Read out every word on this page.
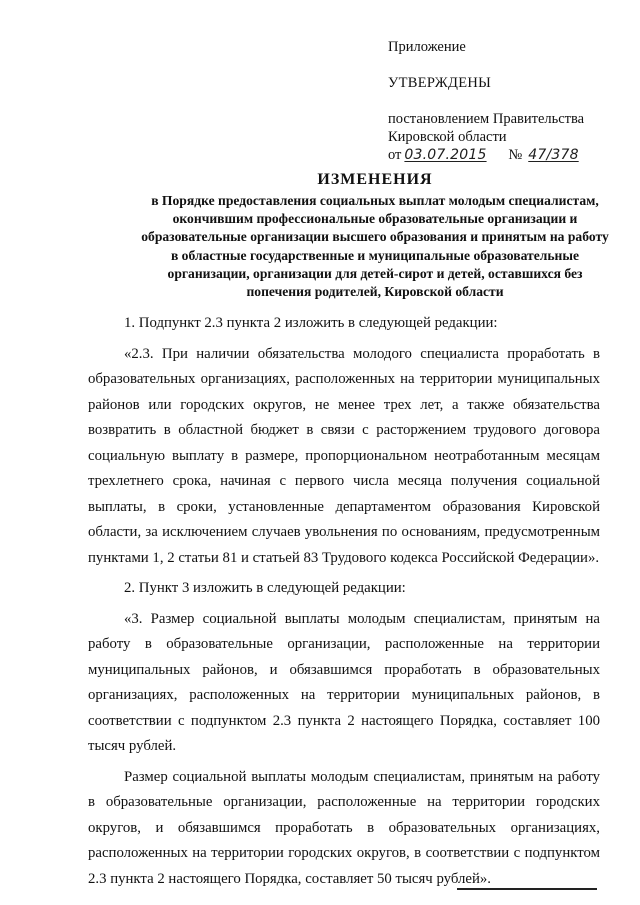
Приложение
УТВЕРЖДЕНЫ
постановлением Правительства
Кировской области
от 03.07.2015	№ 47/378
ИЗМЕНЕНИЯ
в Порядке предоставления социальных выплат молодым специалистам, окончившим профессиональные образовательные организации и образовательные организации высшего образования и принятым на работу в областные государственные и муниципальные образовательные организации, организации для детей-сирот и детей, оставшихся без попечения родителей, Кировской области

1. Подпункт 2.3 пункта 2 изложить в следующей редакции:

«2.3. При наличии обязательства молодого специалиста проработать в образовательных организациях, расположенных на территории муниципальных районов или городских округов, не менее трех лет, а также обязательства возвратить в областной бюджет в связи с расторжением трудового договора социальную выплату в размере, пропорциональном неотработанным месяцам трехлетнего срока, начиная с первого числа месяца получения социальной выплаты, в сроки, установленные департаментом образования Кировской области, за исключением случаев увольнения по основаниям, предусмотренным пунктами 1, 2 статьи 81 и статьей 83 Трудового кодекса Российской Федерации».

2. Пункт 3 изложить в следующей редакции:

«3. Размер социальной выплаты молодым специалистам, принятым на работу в образовательные организации, расположенные на территории муниципальных районов, и обязавшимся проработать в образовательных организациях, расположенных на территории муниципальных районов, в соответствии с подпунктом 2.3 пункта 2 настоящего Порядка, составляет 100 тысяч рублей.

Размер социальной выплаты молодым специалистам, принятым на работу в образовательные организации, расположенные на территории городских округов, и обязавшимся проработать в образовательных организациях, расположенных на территории городских округов, в соответствии с подпунктом 2.3 пункта 2 настоящего Порядка, составляет 50 тысяч рублей».
